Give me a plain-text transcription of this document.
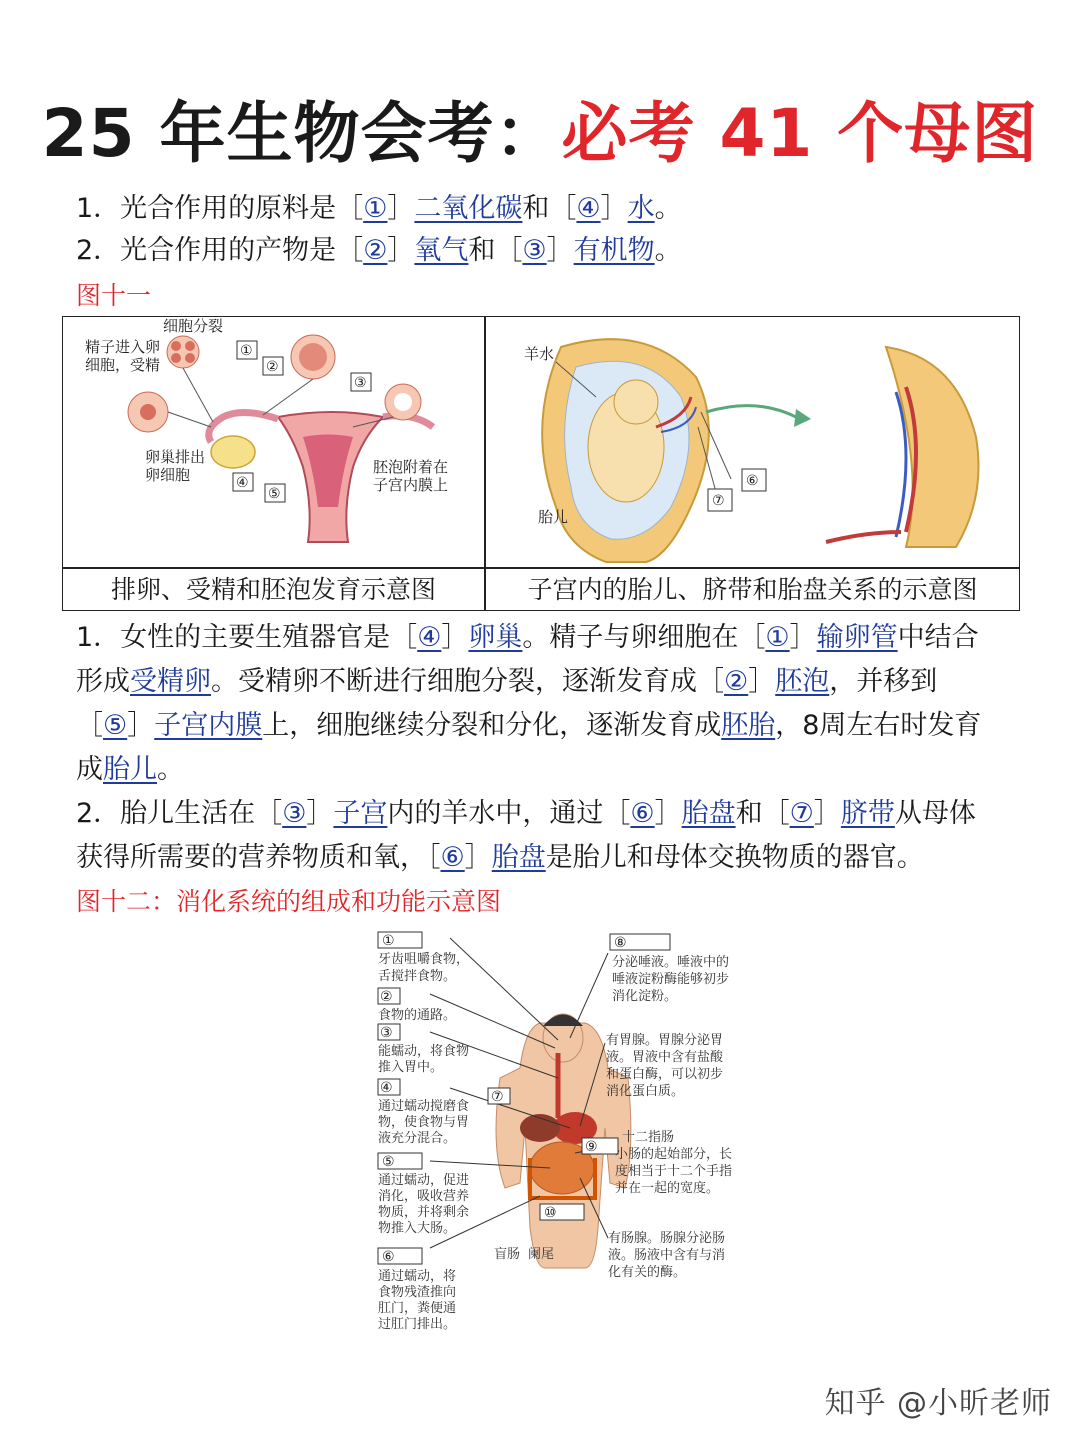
25 年生物会考：必考 41 个母图
1．光合作用的原料是［①］二氧化碳和［④］水。
2．光合作用的产物是［②］氧气和［③］有机物。
图十一
细胞分裂
精子进入卵
细胞，受精
卵巢排出
卵细胞	胚泡附着在
子宫内膜上
①
②
③
④
⑤
羊水
胎儿
⑥
⑦
排卵、受精和胚泡发育示意图	子宫内的胎儿、脐带和胎盘关系的示意图
1．女性的主要生殖器官是［④］卵巢。精子与卵细胞在［①］输卵管中结合形成受精卵。受精卵不断进行细胞分裂，逐渐发育成［②］胚泡，并移到［⑤］子宫内膜上，细胞继续分裂和分化，逐渐发育成胚胎，8周左右时发育成胎儿。
2．胎儿生活在［③］子宫内的羊水中，通过［⑥］胎盘和［⑦］脐带从母体获得所需要的营养物质和氧，［⑥］胎盘是胎儿和母体交换物质的器官。
图十二：消化系统的组成和功能示意图
①
牙齿咀嚼食物，
舌搅拌食物。
②
食物的通路。
③
能蠕动，将食物
推入胃中。
④
通过蠕动搅磨食
物，使食物与胃
液充分混合。
⑤
通过蠕动，促进
消化，吸收营养
物质，并将剩余
物推入大肠。
⑥
通过蠕动，将
食物残渣推向
肛门，粪便通
过肛门排出。
⑦
⑩
盲肠 阑尾
⑧
分泌唾液。唾液中的
唾液淀粉酶能够初步
消化淀粉。
有胃腺。胃腺分泌胃
液。胃液中含有盐酸
和蛋白酶，可以初步
消化蛋白质。
⑨
十二指肠
小肠的起始部分，长
度相当于十二个手指
并在一起的宽度。
有肠腺。肠腺分泌肠
液。肠液中含有与消
化有关的酶。
知乎 @小昕老师
